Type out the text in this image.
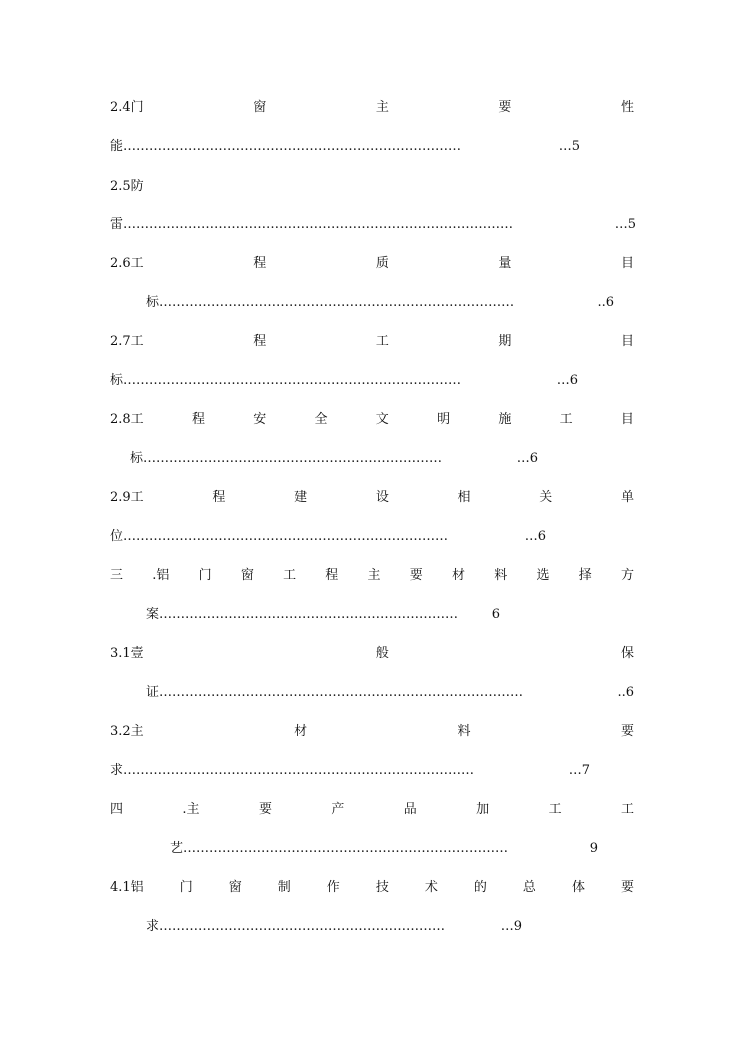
2.4门	窗	主	要	性
能 ……………………………………………………………………	…5
2.5防
雷 ………………………………………………………………………………	…5
2.6工	程	质	量	目
标 ………………………………………………………….……………	..6
2.7工	程	工	期	目
标 ……………………………………………………………………	…6
2.8工	程	安	全	文	明	施	工	目
标 ……………………………………………………………	…6
2.9工	程	建	设	相	关	单
位 …………………………………………………………………	…6
三 .铝 门 窗 工 程 主 要 材 料 选 择 方
案 ……………………………………………………………	6
3.1壹	般	保
证 …………………………………………………………………………	..6
3.2主	材	料	要
求 ………………………………………………………………………	…7
四	.主	要	产	品	加	工	工
艺 …………………………………………………………………	9
4.1铝	门	窗	制	作	技	术	的	总	体	要
求 …………………………………………………………	…9
